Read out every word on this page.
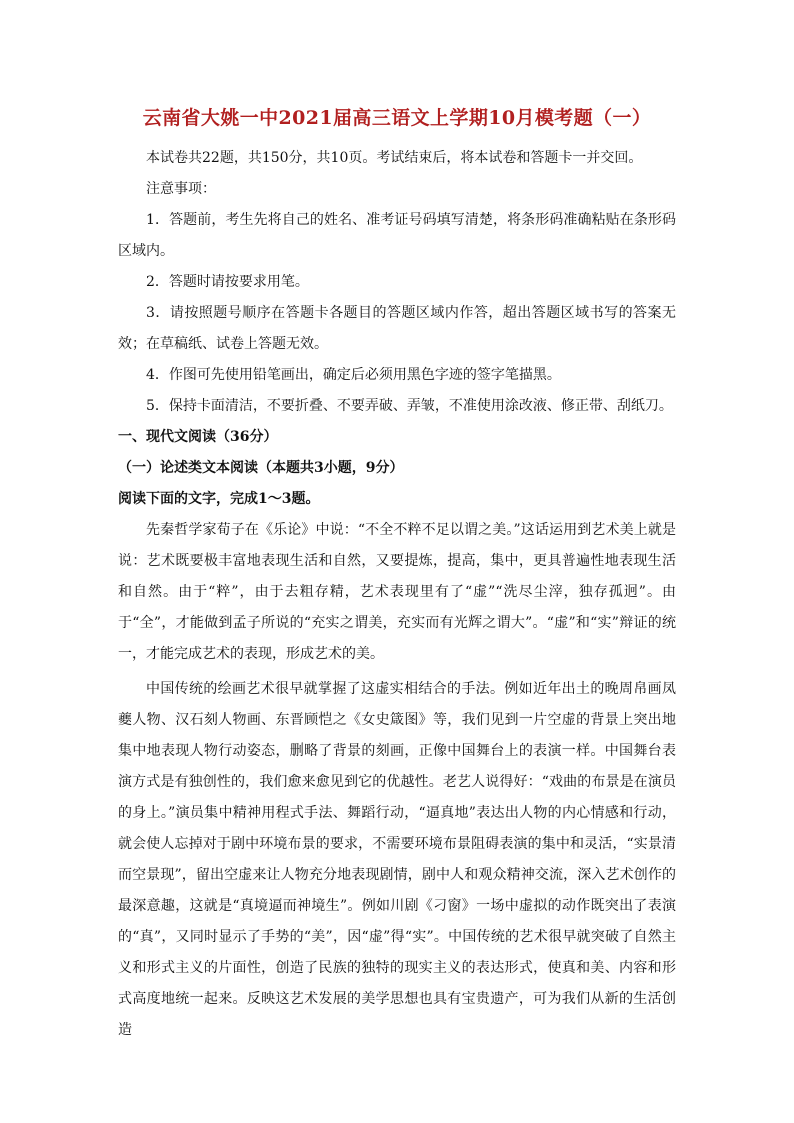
云南省大姚一中2021届高三语文上学期10月模考题（一）

本试卷共22题，共150分，共10页。考试结束后，将本试卷和答题卡一并交回。

注意事项：

1．答题前，考生先将自己的姓名、准考证号码填写清楚，将条形码准确粘贴在条形码区域内。

2．答题时请按要求用笔。

3．请按照题号顺序在答题卡各题目的答题区域内作答，超出答题区域书写的答案无效；在草稿纸、试卷上答题无效。

4．作图可先使用铅笔画出，确定后必须用黑色字迹的签字笔描黑。

5．保持卡面清洁，不要折叠、不要弄破、弄皱，不准使用涂改液、修正带、刮纸刀。

一、现代文阅读（36分）

（一）论述类文本阅读（本题共3小题，9分）

阅读下面的文字，完成1～3题。

先秦哲学家荀子在《乐论》中说：“不全不粹不足以谓之美。”这话运用到艺术美上就是说：艺术既要极丰富地表现生活和自然，又要提炼，提高，集中，更具普遍性地表现生活和自然。由于“粹”，由于去粗存精，艺术表现里有了“虚”“洗尽尘滓，独存孤迥”。由于“全”，才能做到孟子所说的“充实之谓美，充实而有光辉之谓大”。“虚”和“实”辩证的统一，才能完成艺术的表现，形成艺术的美。

中国传统的绘画艺术很早就掌握了这虚实相结合的手法。例如近年出土的晚周帛画凤夔人物、汉石刻人物画、东晋顾恺之《女史箴图》等，我们见到一片空虚的背景上突出地集中地表现人物行动姿态，删略了背景的刻画，正像中国舞台上的表演一样。中国舞台表演方式是有独创性的，我们愈来愈见到它的优越性。老艺人说得好：“戏曲的布景是在演员的身上。”演员集中精神用程式手法、舞蹈行动，“逼真地”表达出人物的内心情感和行动，就会使人忘掉对于剧中环境布景的要求，不需要环境布景阻碍表演的集中和灵活，“实景清而空景现”，留出空虚来让人物充分地表现剧情，剧中人和观众精神交流，深入艺术创作的最深意趣，这就是“真境逼而神境生”。例如川剧《刁窗》一场中虚拟的动作既突出了表演的“真”，又同时显示了手势的“美”，因“虚”得“实”。中国传统的艺术很早就突破了自然主义和形式主义的片面性，创造了民族的独特的现实主义的表达形式，使真和美、内容和形式高度地统一起来。反映这艺术发展的美学思想也具有宝贵遗产，可为我们从新的生活创造
